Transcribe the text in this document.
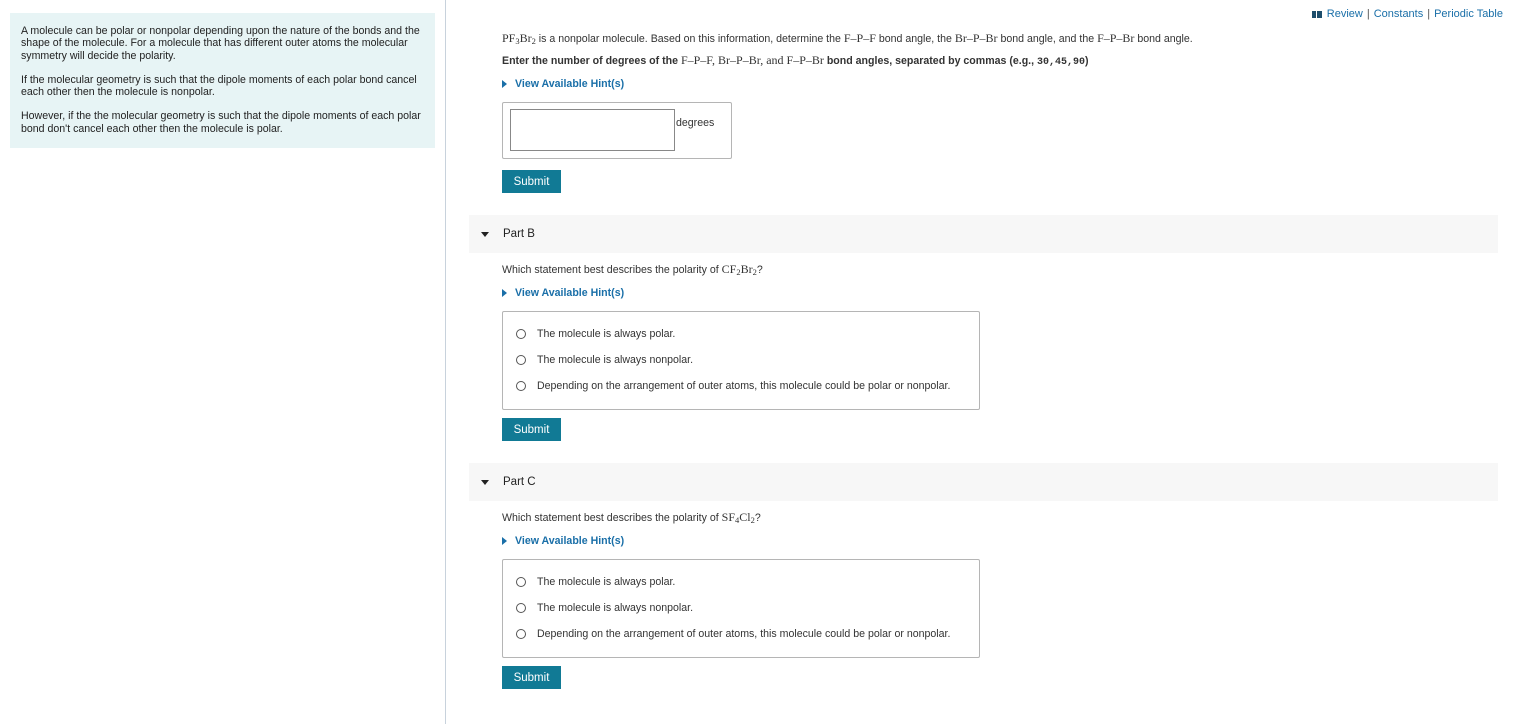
A molecule can be polar or nonpolar depending upon the nature of the bonds and the shape of the molecule. For a molecule that has different outer atoms the molecular symmetry will decide the polarity.

If the molecular geometry is such that the dipole moments of each polar bond cancel each other then the molecule is nonpolar.

However, if the the molecular geometry is such that the dipole moments of each polar bond don't cancel each other then the molecule is polar.

Review | Constants | Periodic Table
$PF_3Br_2$ is a nonpolar molecule. Based on this information, determine the F–P–F bond angle, the Br–P–Br bond angle, and the F–P–Br bond angle.
Enter the number of degrees of the F–P–F, Br–P–Br, and F–P–Br bond angles, separated by commas (e.g., 30,45,90)
View Available Hint(s)
degrees
Submit
Part B
Which statement best describes the polarity of $CF_2Br_2$?
View Available Hint(s)
The molecule is always polar.
The molecule is always nonpolar.
Depending on the arrangement of outer atoms, this molecule could be polar or nonpolar.
Submit
Part C
Which statement best describes the polarity of $SF_4Cl_2$?
View Available Hint(s)
The molecule is always polar.
The molecule is always nonpolar.
Depending on the arrangement of outer atoms, this molecule could be polar or nonpolar.
Submit
